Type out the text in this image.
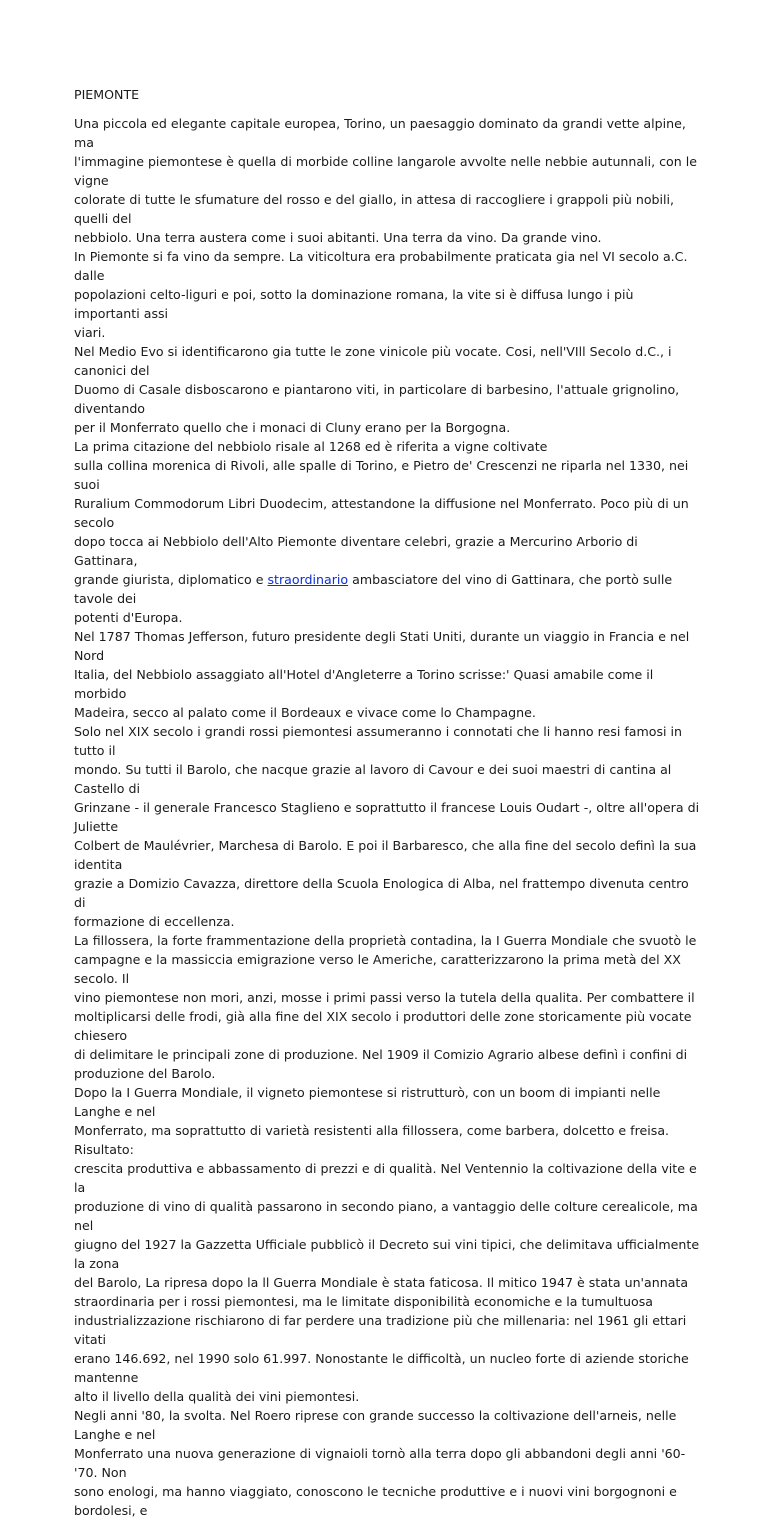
PIEMONTE
Una piccola ed elegante capitale europea, Torino, un paesaggio dominato da grandi vette alpine, ma
l'immagine piemontese è quella di morbide colline langarole avvolte nelle nebbie autunnali, con le vigne
colorate di tutte le sfumature del rosso e del giallo, in attesa di raccogliere i grappoli più nobili, quelli del
nebbiolo. Una terra austera come i suoi abitanti. Una terra da vino. Da grande vino.
In Piemonte si fa vino da sempre. La viticoltura era probabilmente praticata gia nel VI secolo a.C. dalle
popolazioni celto-liguri e poi, sotto la dominazione romana, la vite si è diffusa lungo i più importanti assi
viari.
Nel Medio Evo si identificarono gia tutte le zone vinicole più vocate. Cosi, nell'VIll Secolo d.C., i canonici del
Duomo di Casale disboscarono e piantarono viti, in particolare di barbesino, l'attuale grignolino, diventando
per il Monferrato quello che i monaci di Cluny erano per la Borgogna.
La prima citazione del nebbiolo risale al 1268 ed è riferita a vigne coltivate
sulla collina morenica di Rivoli, alle spalle di Torino, e Pietro de' Crescenzi ne riparla nel 1330, nei suoi
Ruralium Commodorum Libri Duodecim, attestandone la diffusione nel Monferrato. Poco più di un secolo
dopo tocca ai Nebbiolo dell'Alto Piemonte diventare celebri, grazie a Mercurino Arborio di Gattinara,
grande giurista, diplomatico e straordinario ambasciatore del vino di Gattinara, che portò sulle tavole dei
potenti d'Europa.
Nel 1787 Thomas Jefferson, futuro presidente degli Stati Uniti, durante un viaggio in Francia e nel Nord
Italia, del Nebbiolo assaggiato all'Hotel d'Angleterre a Torino scrisse:' Quasi amabile come il morbido
Madeira, secco al palato come il Bordeaux e vivace come lo Champagne.
Solo nel XIX secolo i grandi rossi piemontesi assumeranno i connotati che li hanno resi famosi in tutto il
mondo. Su tutti il Barolo, che nacque grazie al lavoro di Cavour e dei suoi maestri di cantina al Castello di
Grinzane - il generale Francesco Staglieno e soprattutto il francese Louis Oudart -, oltre all'opera di Juliette
Colbert de Maulévrier, Marchesa di Barolo. E poi il Barbaresco, che alla fine del secolo definì la sua identita
grazie a Domizio Cavazza, direttore della Scuola Enologica di Alba, nel frattempo divenuta centro di
formazione di eccellenza.
La fillossera, la forte frammentazione della proprietà contadina, la I Guerra Mondiale che svuotò le
campagne e la massiccia emigrazione verso le Americhe, caratterizzarono la prima metà del XX secolo. Il
vino piemontese non mori, anzi, mosse i primi passi verso la tutela della qualita. Per combattere il
moltiplicarsi delle frodi, già alla fine del XIX secolo i produttori delle zone storicamente più vocate chiesero
di delimitare le principali zone di produzione. Nel 1909 il Comizio Agrario albese definì i confini di
produzione del Barolo.
Dopo la I Guerra Mondiale, il vigneto piemontese si ristrutturò, con un boom di impianti nelle Langhe e nel
Monferrato, ma soprattutto di varietà resistenti alla fillossera, come barbera, dolcetto e freisa. Risultato:
crescita produttiva e abbassamento di prezzi e di qualità. Nel Ventennio la coltivazione della vite e la
produzione di vino di qualità passarono in secondo piano, a vantaggio delle colture cerealicole, ma nel
giugno del 1927 la Gazzetta Ufficiale pubblicò il Decreto sui vini tipici, che delimitava ufficialmente la zona
del Barolo, La ripresa dopo la ll Guerra Mondiale è stata faticosa. Il mitico 1947 è stata un'annata
straordinaria per i rossi piemontesi, ma le limitate disponibilità economiche e la tumultuosa
industrializzazione rischiarono di far perdere una tradizione più che millenaria: nel 1961 gli ettari vitati
erano 146.692, nel 1990 solo 61.997. Nonostante le difficoltà, un nucleo forte di aziende storiche mantenne
alto il livello della qualità dei vini piemontesi.
Negli anni '80, la svolta. Nel Roero riprese con grande successo la coltivazione dell'arneis, nelle Langhe e nel
Monferrato una nuova generazione di vignaioli tornò alla terra dopo gli abbandoni degli anni '60-'70. Non
sono enologi, ma hanno viaggiato, conoscono le tecniche produttive e i nuovi vini borgognoni e bordolesi, e
